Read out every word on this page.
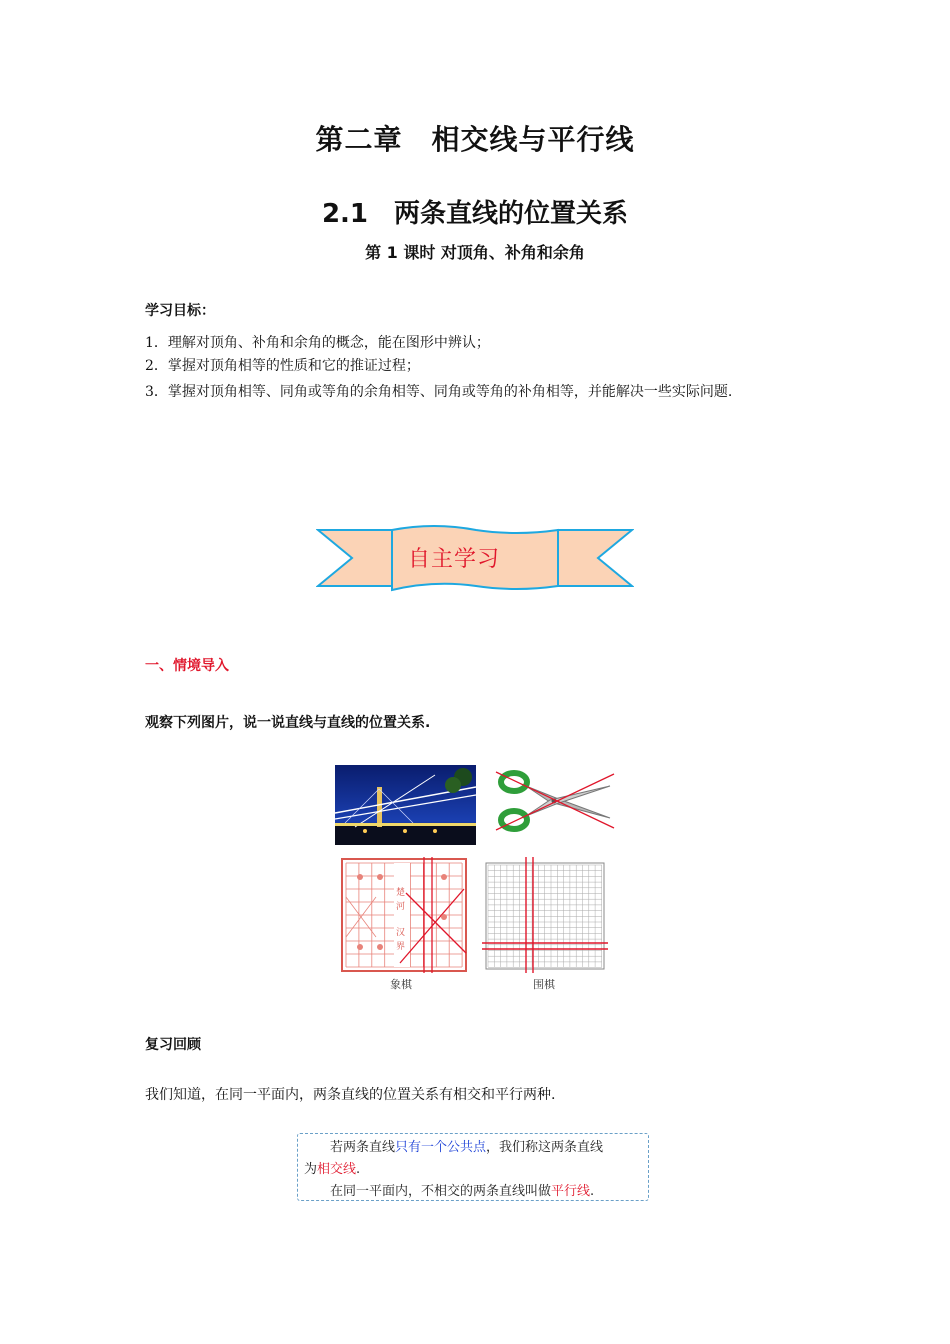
第二章　相交线与平行线
2.1　两条直线的位置关系
第 1 课时 对顶角、补角和余角
学习目标：
1．理解对顶角、补角和余角的概念，能在图形中辨认；
2．掌握对顶角相等的性质和它的推证过程；
3．掌握对顶角相等、同角或等角的余角相等、同角或等角的补角相等，并能解决一些实际问题.
自主学习
一、情境导入
观察下列图片，说一说直线与直线的位置关系.
楚
河
汉
界
象棋	围棋
复习回顾
我们知道，在同一平面内，两条直线的位置关系有相交和平行两种.
若两条直线只有一个公共点，我们称这两条直线
为相交线.
在同一平面内，不相交的两条直线叫做平行线.
